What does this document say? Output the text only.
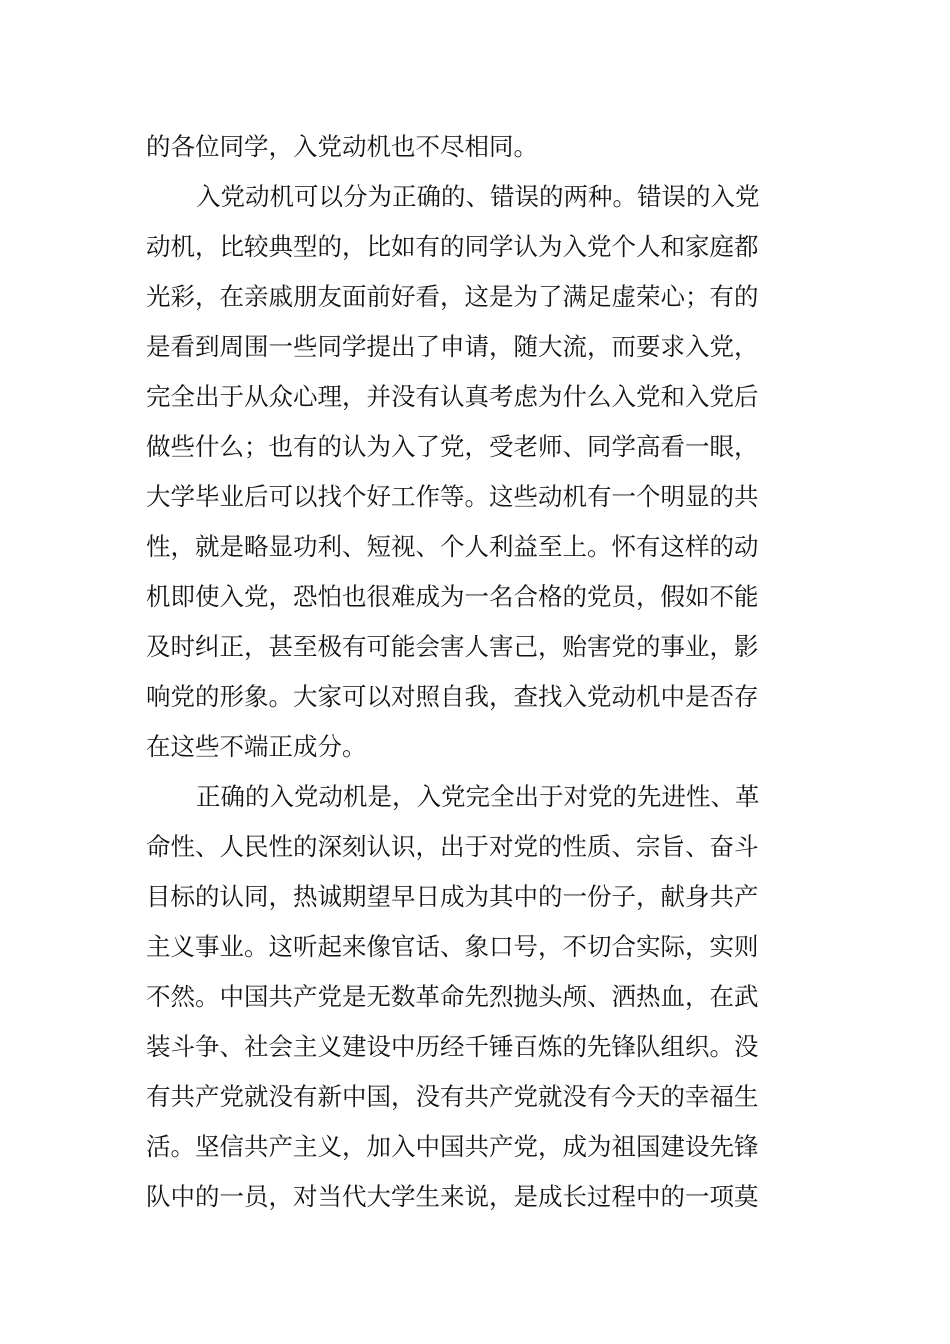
的各位同学，入党动机也不尽相同。
入党动机可以分为正确的、错误的两种。错误的入党
动机，比较典型的，比如有的同学认为入党个人和家庭都
光彩，在亲戚朋友面前好看，这是为了满足虚荣心；有的
是看到周围一些同学提出了申请，随大流，而要求入党，
完全出于从众心理，并没有认真考虑为什么入党和入党后
做些什么；也有的认为入了党，受老师、同学高看一眼，
大学毕业后可以找个好工作等。这些动机有一个明显的共
性，就是略显功利、短视、个人利益至上。怀有这样的动
机即使入党，恐怕也很难成为一名合格的党员，假如不能
及时纠正，甚至极有可能会害人害己，贻害党的事业，影
响党的形象。大家可以对照自我，查找入党动机中是否存
在这些不端正成分。
正确的入党动机是，入党完全出于对党的先进性、革
命性、人民性的深刻认识，出于对党的性质、宗旨、奋斗
目标的认同，热诚期望早日成为其中的一份子，献身共产
主义事业。这听起来像官话、象口号，不切合实际，实则
不然。中国共产党是无数革命先烈抛头颅、洒热血，在武
装斗争、社会主义建设中历经千锤百炼的先锋队组织。没
有共产党就没有新中国，没有共产党就没有今天的幸福生
活。坚信共产主义，加入中国共产党，成为祖国建设先锋
队中的一员，对当代大学生来说，是成长过程中的一项莫
